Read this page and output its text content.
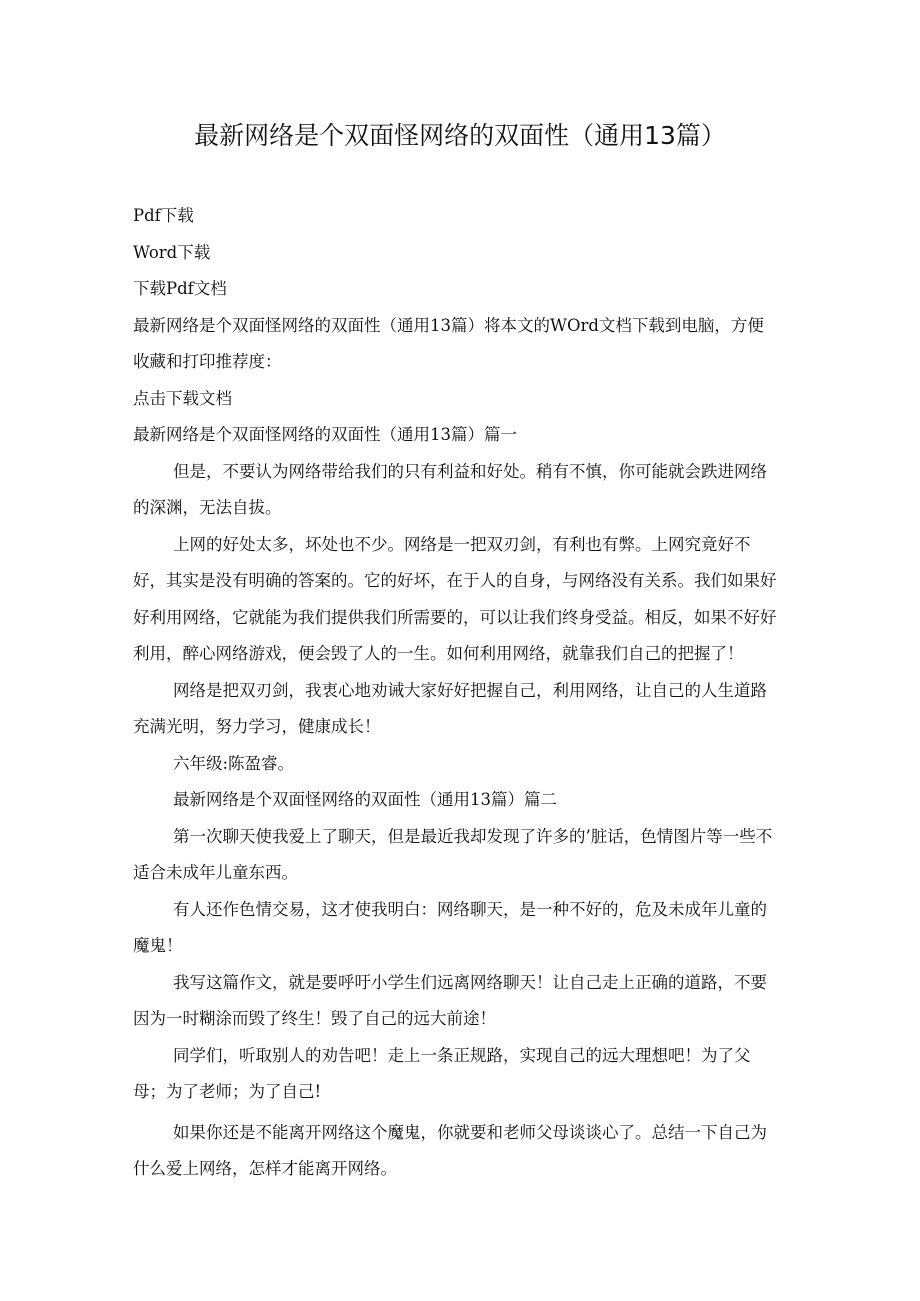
最新网络是个双面怪网络的双面性（通用13篇）

Pdf下载

Word下载

下载Pdf文档

最新网络是个双面怪网络的双面性（通用13篇）将本文的WOrd文档下载到电脑，方便收藏和打印推荐度：

点击下载文档

最新网络是个双面怪网络的双面性（通用13篇）篇一

但是，不要认为网络带给我们的只有利益和好处。稍有不慎，你可能就会跌进网络的深渊，无法自拔。

上网的好处太多，坏处也不少。网络是一把双刃剑，有利也有弊。上网究竟好不好，其实是没有明确的答案的。它的好坏，在于人的自身，与网络没有关系。我们如果好好利用网络，它就能为我们提供我们所需要的，可以让我们终身受益。相反，如果不好好利用，醉心网络游戏，便会毁了人的一生。如何利用网络，就靠我们自己的把握了！

网络是把双刃剑，我衷心地劝诫大家好好把握自己，利用网络，让自己的人生道路充满光明，努力学习，健康成长！

六年级:陈盈睿。

最新网络是个双面怪网络的双面性（通用13篇）篇二

第一次聊天使我爱上了聊天，但是最近我却发现了许多的’脏话，色情图片等一些不适合未成年儿童东西。

有人还作色情交易，这才使我明白：网络聊天，是一种不好的，危及未成年儿童的魔鬼！

我写这篇作文，就是要呼吁小学生们远离网络聊天！让自己走上正确的道路，不要因为一时糊涂而毁了终生！毁了自己的远大前途！

同学们，听取别人的劝告吧！走上一条正规路，实现自己的远大理想吧！为了父母；为了老师；为了自己!

如果你还是不能离开网络这个魔鬼，你就要和老师父母谈谈心了。总结一下自己为什么爱上网络，怎样才能离开网络。
